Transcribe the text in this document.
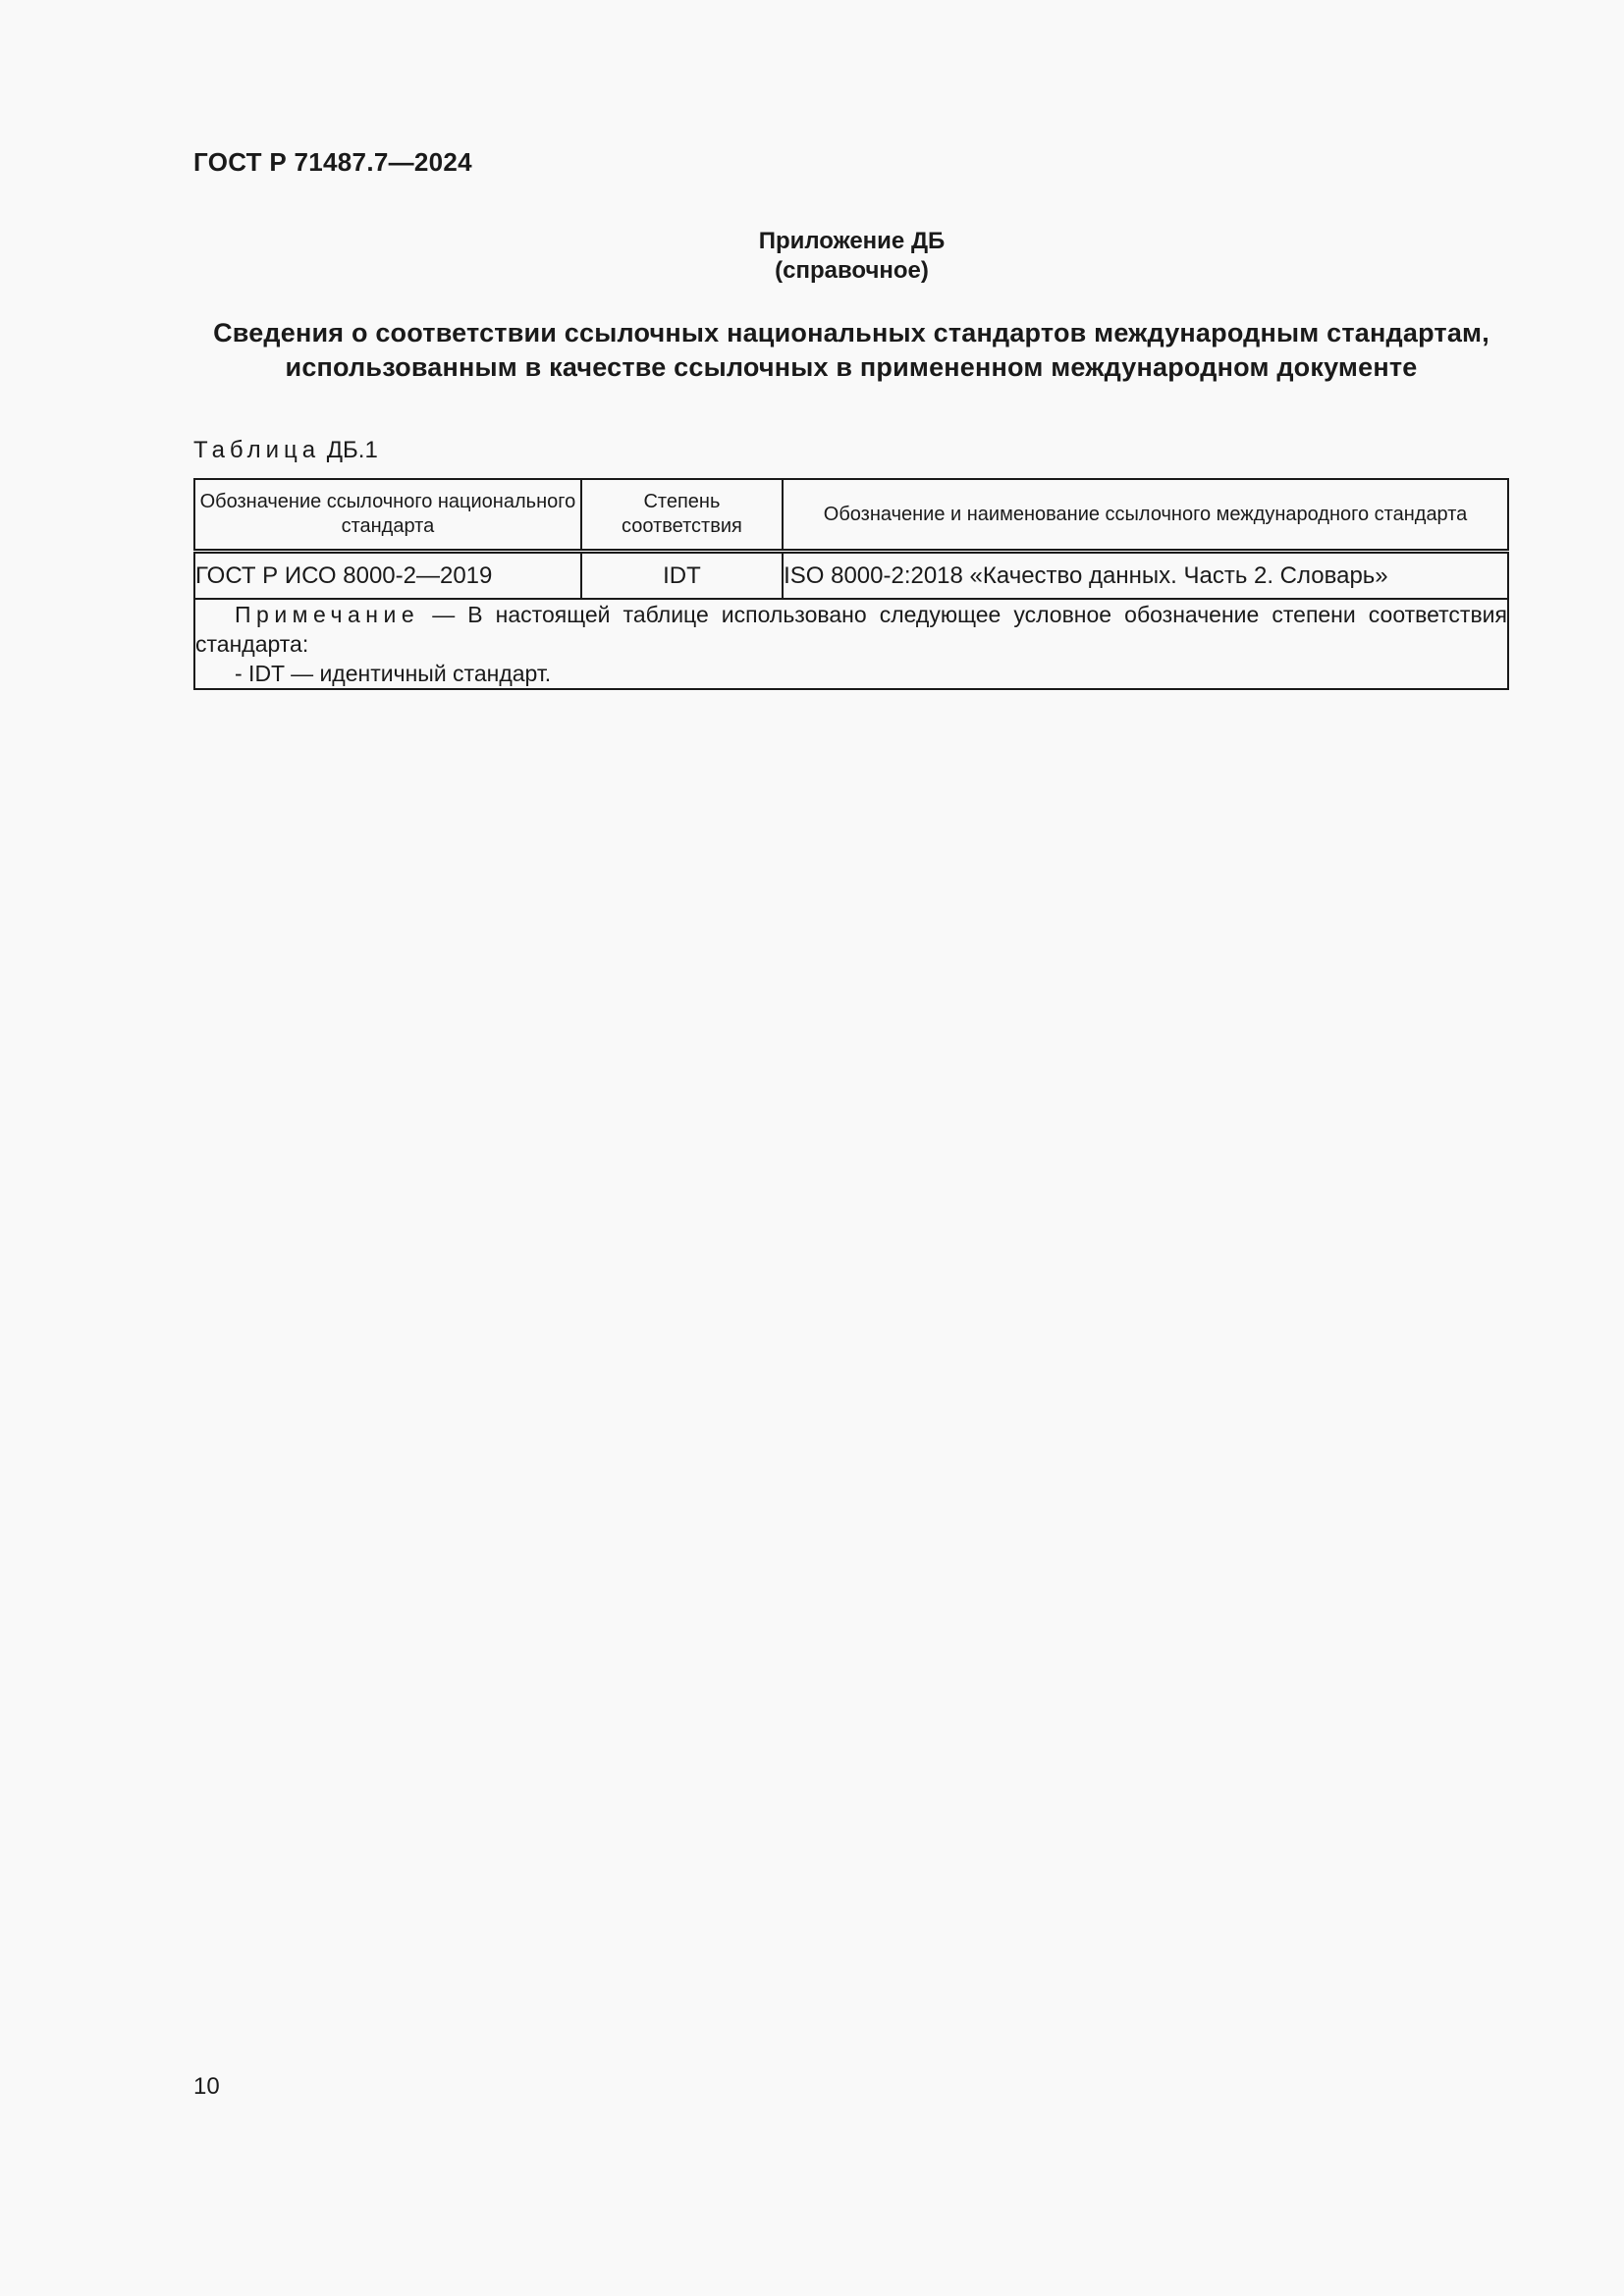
ГОСТ Р 71487.7—2024
Приложение ДБ
(справочное)
Сведения о соответствии ссылочных национальных стандартов международным стандартам,
использованным в качестве ссылочных в примененном международном документе
Таблица ДБ.1
Обозначение ссылочного национального стандарта	Степень соответствия	Обозначение и наименование ссылочного международного стандарта
ГОСТ Р ИСО 8000-2—2019	IDT	ISO 8000-2:2018 «Качество данных. Часть 2. Словарь»

Примечание — В настоящей таблице использовано следующее условное обозначение степени соответствия стандарта:
- IDT — идентичный стандарт.		
10
